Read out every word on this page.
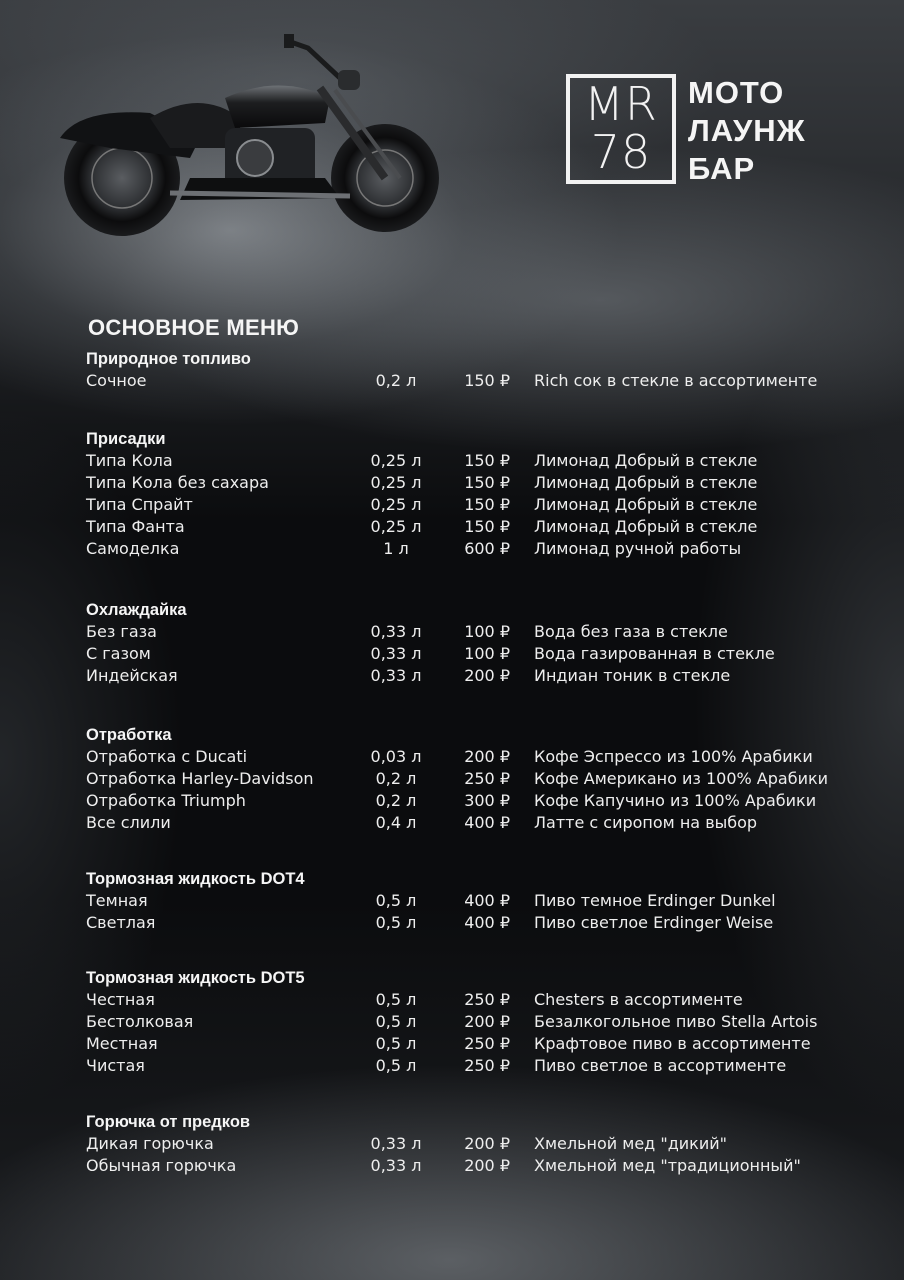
MR
78
МОТО
ЛАУНЖ
БАР
ОСНОВНОЕ МЕНЮ
Природное топливо
Сочное	0,2 л	150 ₽ Rich сок в стекле в ассортименте
Присадки
Типа Кола	0,25 л	150 ₽ Лимонад Добрый в стекле
Типа Кола без сахара	0,25 л	150 ₽ Лимонад Добрый в стекле
Типа Спрайт	0,25 л	150 ₽ Лимонад Добрый в стекле
Типа Фанта	0,25 л	150 ₽ Лимонад Добрый в стекле
Самоделка	1 л	600 ₽ Лимонад ручной работы
Охлаждайка
Без газа	0,33 л	100 ₽ Вода без газа в стекле
С газом	0,33 л	100 ₽ Вода газированная в стекле
Индейская	0,33 л	200 ₽ Индиан тоник в стекле
Отработка
Отработка с Ducati	0,03 л	200 ₽ Кофе Эспрессо из 100% Арабики
Отработка Harley-Davidson	0,2 л	250 ₽ Кофе Американо из 100% Арабики
Отработка Triumph	0,2 л	300 ₽ Кофе Капучино из 100% Арабики
Все слили	0,4 л	400 ₽ Латте с сиропом на выбор
Тормозная жидкость DOT4
Темная	0,5 л	400 ₽ Пиво темное Erdinger Dunkel
Светлая	0,5 л	400 ₽ Пиво светлое Erdinger Weise
Тормозная жидкость DOT5
Честная	0,5 л	250 ₽ Chesters в ассортименте
Бестолковая	0,5 л	200 ₽ Безалкогольное пиво Stella Artois
Местная	0,5 л	250 ₽ Крафтовое пиво в ассортименте
Чистая	0,5 л	250 ₽ Пиво светлое в ассортименте
Горючка от предков
Дикая горючка	0,33 л	200 ₽ Хмельной мед "дикий"
Обычная горючка	0,33 л	200 ₽ Хмельной мед "традиционный"
